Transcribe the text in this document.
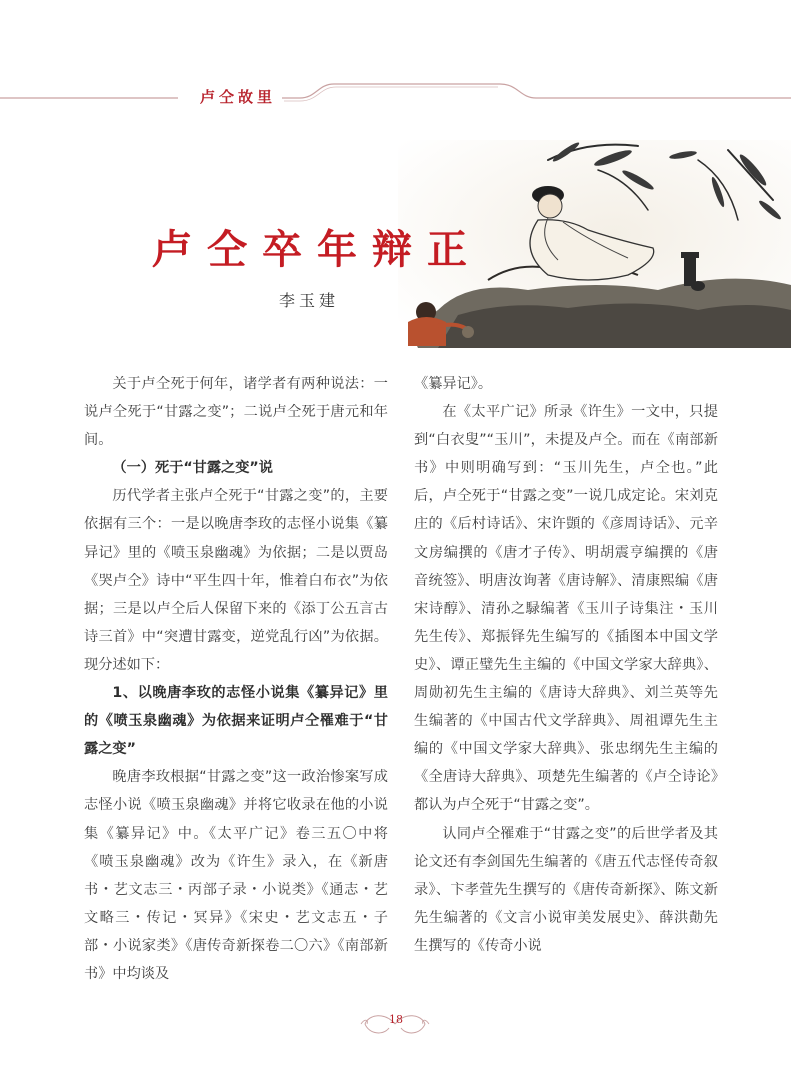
卢仝故里
卢仝卒年辩正
李玉建

关于卢仝死于何年，诸学者有两种说法：一说卢仝死于“甘露之变”；二说卢仝死于唐元和年间。

（一）死于“甘露之变”说

历代学者主张卢仝死于“甘露之变”的，主要依据有三个：一是以晚唐李玫的志怪小说集《纂异记》里的《喷玉泉幽魂》为依据；二是以贾岛《哭卢仝》诗中“平生四十年，惟着白布衣”为依据；三是以卢仝后人保留下来的《添丁公五言古诗三首》中“突遭甘露变，逆党乱行凶”为依据。现分述如下：

1、以晚唐李玫的志怪小说集《纂异记》里的《喷玉泉幽魂》为依据来证明卢仝罹难于“甘露之变”

晚唐李玫根据“甘露之变”这一政治惨案写成志怪小说《喷玉泉幽魂》并将它收录在他的小说集《纂异记》中。《太平广记》卷三五〇中将《喷玉泉幽魂》改为《许生》录入，在《新唐书・艺文志三・丙部子录・小说类》《通志・艺文略三・传记・冥异》《宋史・艺文志五・子部・小说家类》《唐传奇新探卷二〇六》《南部新书》中均谈及

《纂异记》。

在《太平广记》所录《许生》一文中，只提到“白衣叟”“玉川”，未提及卢仝。而在《南部新书》中则明确写到：“玉川先生，卢仝也。”此后，卢仝死于“甘露之变”一说几成定论。宋刘克庄的《后村诗话》、宋许顗的《彦周诗话》、元辛文房编撰的《唐才子传》、明胡震亨编撰的《唐音统签》、明唐汝询著《唐诗解》、清康熙编《唐宋诗醇》、清孙之騄编著《玉川子诗集注・玉川先生传》、郑振铎先生编写的《插图本中国文学史》、谭正璧先生主编的《中国文学家大辞典》、周勋初先生主编的《唐诗大辞典》、刘兰英等先生编著的《中国古代文学辞典》、周祖谭先生主编的《中国文学家大辞典》、张忠纲先生主编的《全唐诗大辞典》、项楚先生编著的《卢仝诗论》都认为卢仝死于“甘露之变”。

认同卢仝罹难于“甘露之变”的后世学者及其论文还有李剑国先生编著的《唐五代志怪传奇叙录》、卞孝萱先生撰写的《唐传奇新探》、陈文新先生编著的《文言小说审美发展史》、薛洪勣先生撰写的《传奇小说

18
